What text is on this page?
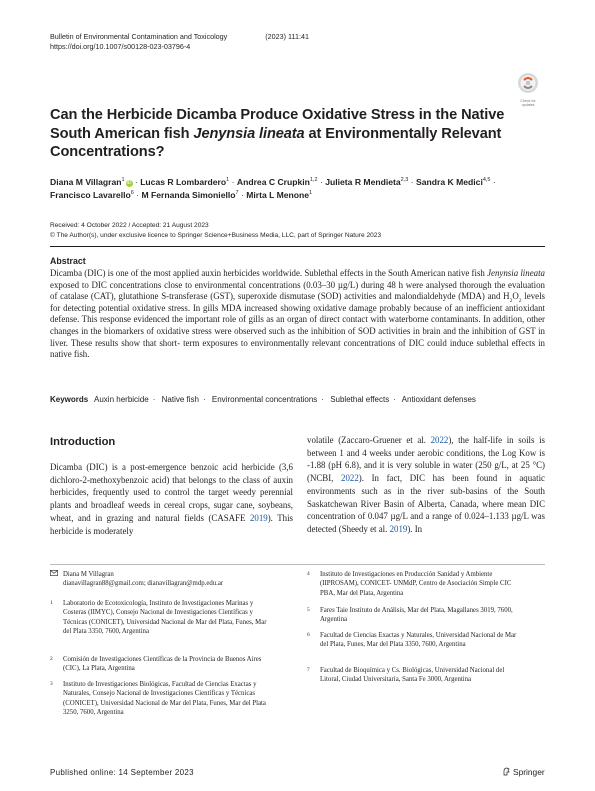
Bulletin of Environmental Contamination and Toxicology	(2023) 111:41
https://doi.org/10.1007/s00128-023-03796-4
Check for
updates
Can the Herbicide Dicamba Produce Oxidative Stress in the Native
South American fish Jenynsia lineata at Environmentally Relevant
Concentrations?
Diana M Villagran$^1$ iD · Lucas R Lombardero$^1$ · Andrea C Crupkin$^{1,2}$ · Julieta R Mendieta$^{2,3}$ · Sandra K Medici$^{4,5}$ ·
Francisco Lavarello$^6$ · M Fernanda Simoniello$^7$ · Mirta L Menone$^1$
Received: 4 October 2022 / Accepted: 21 August 2023
© The Author(s), under exclusive licence to Springer Science+Business Media, LLC, part of Springer Nature 2023
Abstract

Dicamba (DIC) is one of the most applied auxin herbicides worldwide. Sublethal effects in the South American native fish Jenynsia lineata exposed to DIC concentrations close to environmental concentrations (0.03–30 µg/L) during 48 h were analysed thorough the evaluation of catalase (CAT), glutathione S-transferase (GST), superoxide dismutase (SOD) activities and malondialdehyde (MDA) and $H_2O_2$ levels for detecting potential oxidative stress. In gills MDA increased showing oxidative damage probably because of an inefficient antioxidant defense. This response evidenced the important role of gills as an organ of direct contact with waterborne contaminants. In addition, other changes in the biomarkers of oxidative stress were observed such as the inhibition of SOD activities in brain and the inhibition of GST in liver. These results show that short- term exposures to environmentally relevant concentrations of DIC could induce sublethal effects in native fish.

Keywords Auxin herbicide · Native fish · Environmental concentrations · Sublethal effects · Antioxidant defenses
Introduction
Dicamba (DIC) is a post-emergence benzoic acid herbicide (3,6 dichloro-2-methoxybenzoic acid) that belongs to the class of auxin herbicides, frequently used to control the target weedy perennial plants and broadleaf weeds in cereal crops, sugar cane, soybeans, wheat, and in grazing and natural fields (CASAFE 2019). This herbicide is moderately
volatile (Zaccaro-Gruener et al. 2022), the half-life in soils is between 1 and 4 weeks under aerobic conditions, the Log Kow is -1.88 (pH 6.8), and it is very soluble in water (250 g/L, at 25 °C) (NCBI, 2022). In fact, DIC has been found in aquatic environments such as in the river sub-basins of the South Saskatchewan River Basin of Alberta, Canada, where mean DIC concentration of 0.047 µg/L and a range of 0.024–1.133 µg/L was detected (Sheedy et al. 2019). In
Diana M Villagran
dianavillagran88@gmail.com; dianavillagran@mdp.edu.ar
1 Laboratorio de Ecotoxicología, Instituto de Investigaciones Marinas y Costeras (IIMYC), Consejo Nacional de Investigaciones Científicas y Técnicas (CONICET), Universidad Nacional de Mar del Plata, Funes, Mar del Plata 3350, 7600, Argentina
2 Comisión de Investigaciones Científicas de la Provincia de Buenos Aires (CIC), La Plata, Argentina
3 Instituto de Investigaciones Biológicas, Facultad de Ciencias Exactas y Naturales, Consejo Nacional de Investigaciones Científicas y Técnicas (CONICET), Universidad Nacional de Mar del Plata, Funes, Mar del Plata 3250, 7600, Argentina
4 Instituto de Investigaciones en Producción Sanidad y Ambiente (IIPROSAM), CONICET- UNMdP, Centro de Asociación Simple CIC PBA, Mar del Plata, Argentina
5 Fares Taie Instituto de Análisis, Mar del Plata, Magallanes 3019, 7600, Argentina
6 Facultad de Ciencias Exactas y Naturales, Universidad Nacional de Mar del Plata, Funes, Mar del Plata 3350, 7600, Argentina
7 Facultad de Bioquímica y Cs. Biológicas, Universidad Nacional del Litoral, Ciudad Universitaria, Santa Fe 3000, Argentina
Published online: 14 September 2023	Springer
